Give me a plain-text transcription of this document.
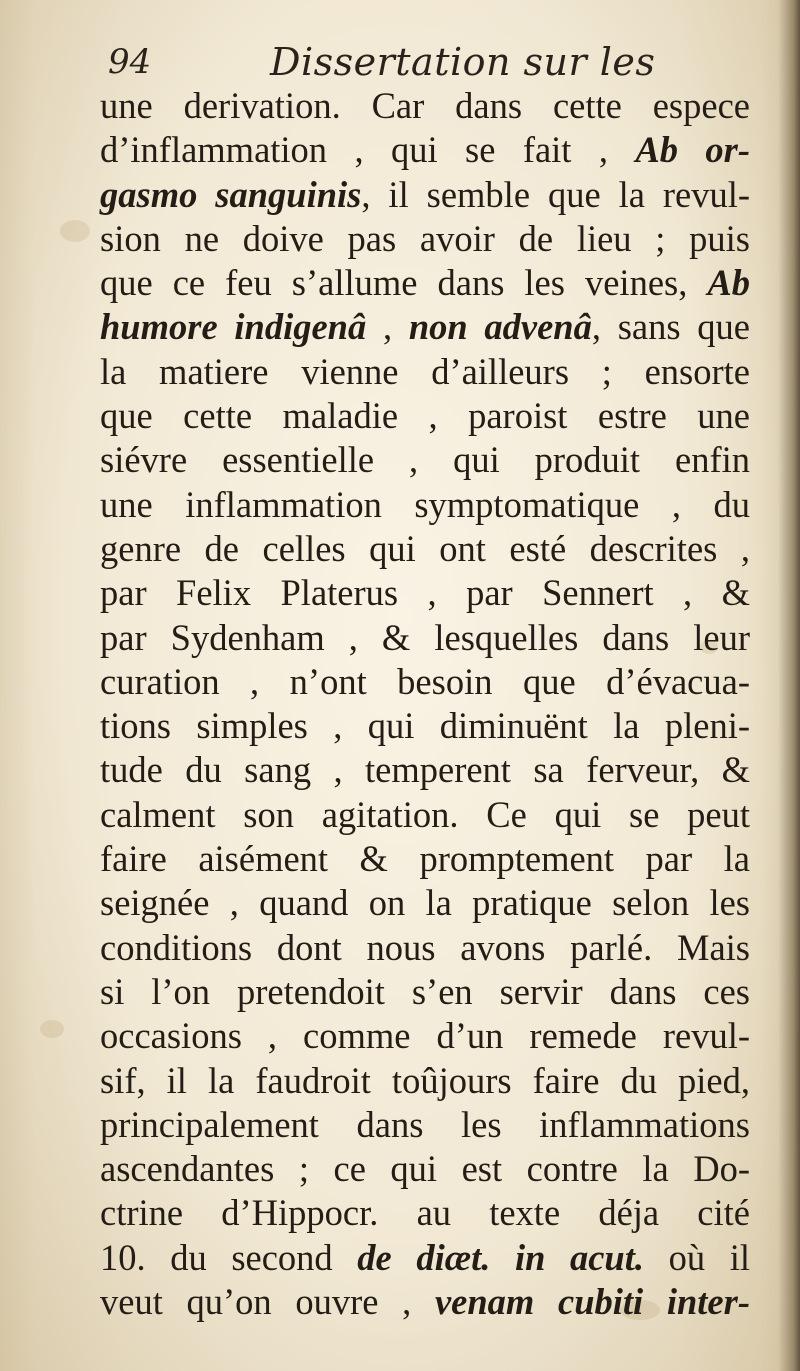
94	Dissertation sur les
une derivation. Car dans cette espece
d’inflammation , qui se fait , Ab or-
gasmo sanguinis, il semble que la revul-
sion ne doive pas avoir de lieu ; puis
que ce feu s’allume dans les veines, Ab
humore indigenâ , non advenâ, sans que
la matiere vienne d’ailleurs ; ensorte
que cette maladie , paroist estre une
siévre essentielle , qui produit enfin
une inflammation symptomatique , du
genre de celles qui ont esté descrites ,
par Felix Platerus , par Sennert , &
par Sydenham , & lesquelles dans leur
curation , n’ont besoin que d’évacua-
tions simples , qui diminuënt la pleni-
tude du sang , temperent sa ferveur, &
calment son agitation. Ce qui se peut
faire aisément & promptement par la
seignée , quand on la pratique selon les
conditions dont nous avons parlé. Mais
si l’on pretendoit s’en servir dans ces
occasions , comme d’un remede revul-
sif, il la faudroit toûjours faire du pied,
principalement dans les inflammations
ascendantes ; ce qui est contre la Do-
ctrine d’Hippocr. au texte déja cité
10. du second de diæt. in acut. où il
veut qu’on ouvre , venam cubiti inter-
